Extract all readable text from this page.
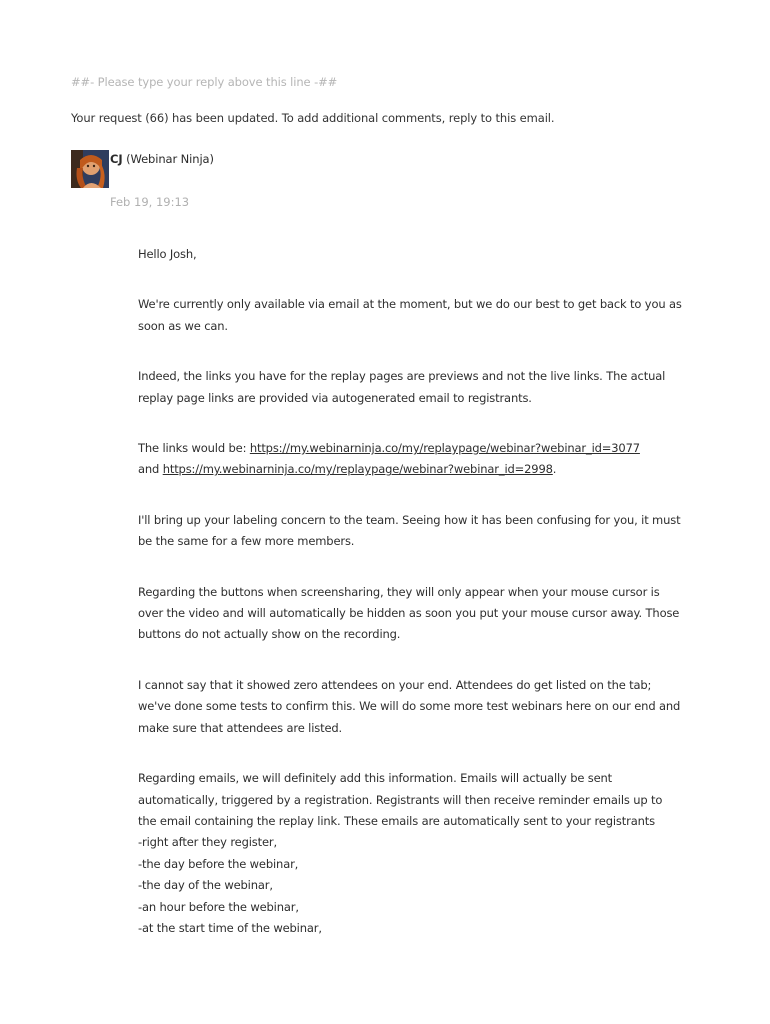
##- Please type your reply above this line -##
Your request (66) has been updated. To add additional comments, reply to this email.
CJ (Webinar Ninja)
Feb 19, 19:13

Hello Josh,

We're currently only available via email at the moment, but we do our best to get back to you as soon as we can.

Indeed, the links you have for the replay pages are previews and not the live links. The actual replay page links are provided via autogenerated email to registrants.

The links would be: https://my.webinarninja.co/my/replaypage/webinar?webinar_id=3077
and https://my.webinarninja.co/my/replaypage/webinar?webinar_id=2998.

I'll bring up your labeling concern to the team. Seeing how it has been confusing for you, it must be the same for a few more members.

Regarding the buttons when screensharing, they will only appear when your mouse cursor is over the video and will automatically be hidden as soon you put your mouse cursor away. Those buttons do not actually show on the recording.

I cannot say that it showed zero attendees on your end. Attendees do get listed on the tab; we've done some tests to confirm this. We will do some more test webinars here on our end and make sure that attendees are listed.

Regarding emails, we will definitely add this information. Emails will actually be sent automatically, triggered by a registration. Registrants will then receive reminder emails up to the email containing the replay link. These emails are automatically sent to your registrants
-right after they register,
-the day before the webinar,
-the day of the webinar,
-an hour before the webinar,
-at the start time of the webinar,
